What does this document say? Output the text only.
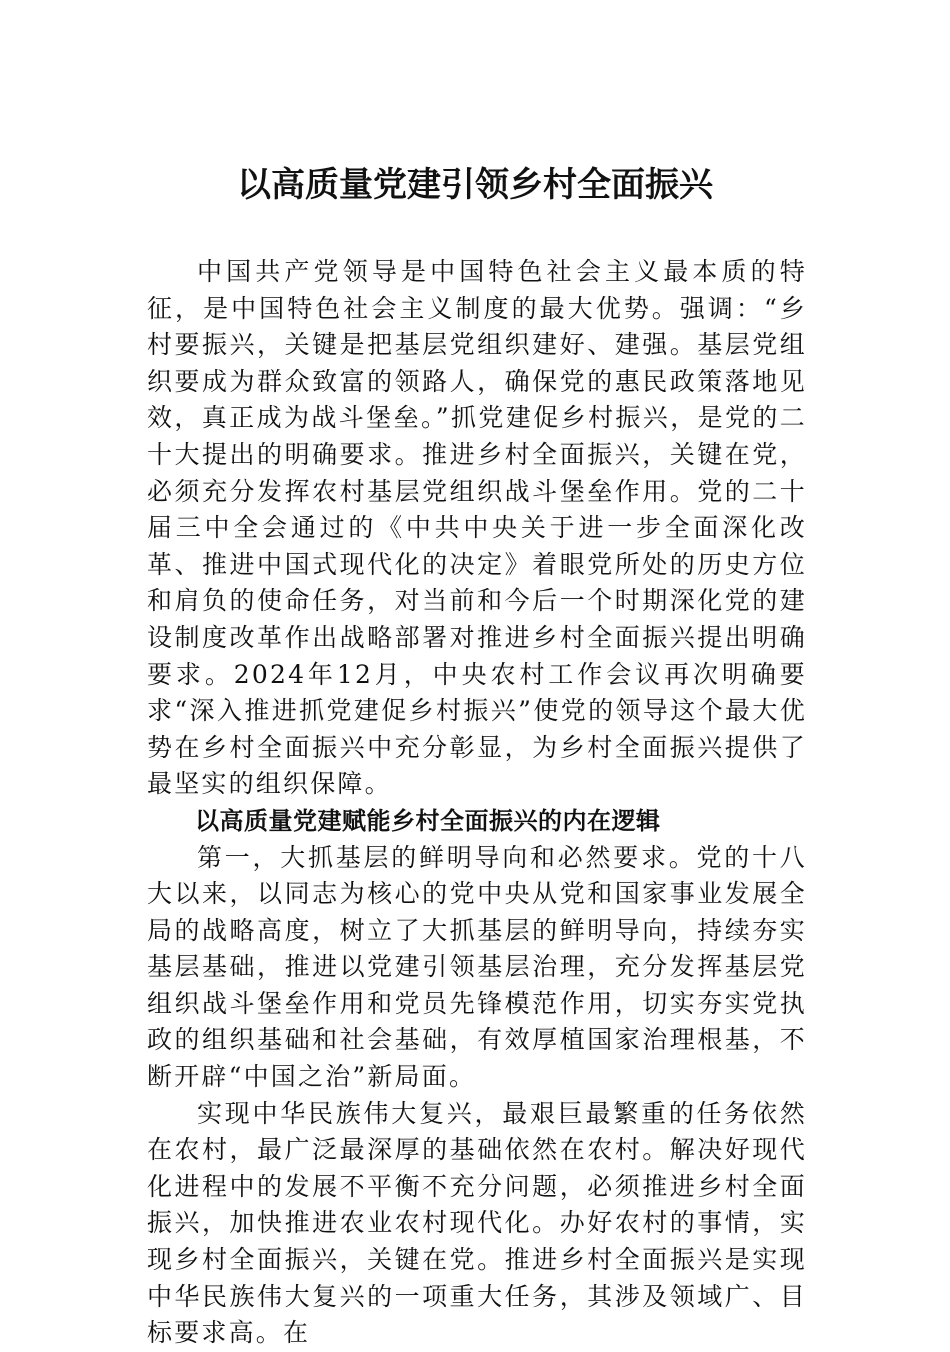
以高质量党建引领乡村全面振兴

中国共产党领导是中国特色社会主义最本质的特征，是中国特色社会主义制度的最大优势。强调：“乡村要振兴，关键是把基层党组织建好、建强。基层党组织要成为群众致富的领路人，确保党的惠民政策落地见效，真正成为战斗堡垒。”抓党建促乡村振兴，是党的二十大提出的明确要求。推进乡村全面振兴，关键在党，必须充分发挥农村基层党组织战斗堡垒作用。党的二十届三中全会通过的《中共中央关于进一步全面深化改革、推进中国式现代化的决定》着眼党所处的历史方位和肩负的使命任务，对当前和今后一个时期深化党的建设制度改革作出战略部署对推进乡村全面振兴提出明确要求。2024年12月，中央农村工作会议再次明确要求“深入推进抓党建促乡村振兴”使党的领导这个最大优势在乡村全面振兴中充分彰显，为乡村全面振兴提供了最坚实的组织保障。

以高质量党建赋能乡村全面振兴的内在逻辑

第一，大抓基层的鲜明导向和必然要求。党的十八大以来，以同志为核心的党中央从党和国家事业发展全局的战略高度，树立了大抓基层的鲜明导向，持续夯实基层基础，推进以党建引领基层治理，充分发挥基层党组织战斗堡垒作用和党员先锋模范作用，切实夯实党执政的组织基础和社会基础，有效厚植国家治理根基，不断开辟“中国之治”新局面。

实现中华民族伟大复兴，最艰巨最繁重的任务依然在农村，最广泛最深厚的基础依然在农村。解决好现代化进程中的发展不平衡不充分问题，必须推进乡村全面振兴，加快推进农业农村现代化。办好农村的事情，实现乡村全面振兴，关键在党。推进乡村全面振兴是实现中华民族伟大复兴的一项重大任务，其涉及领域广、目标要求高。在
